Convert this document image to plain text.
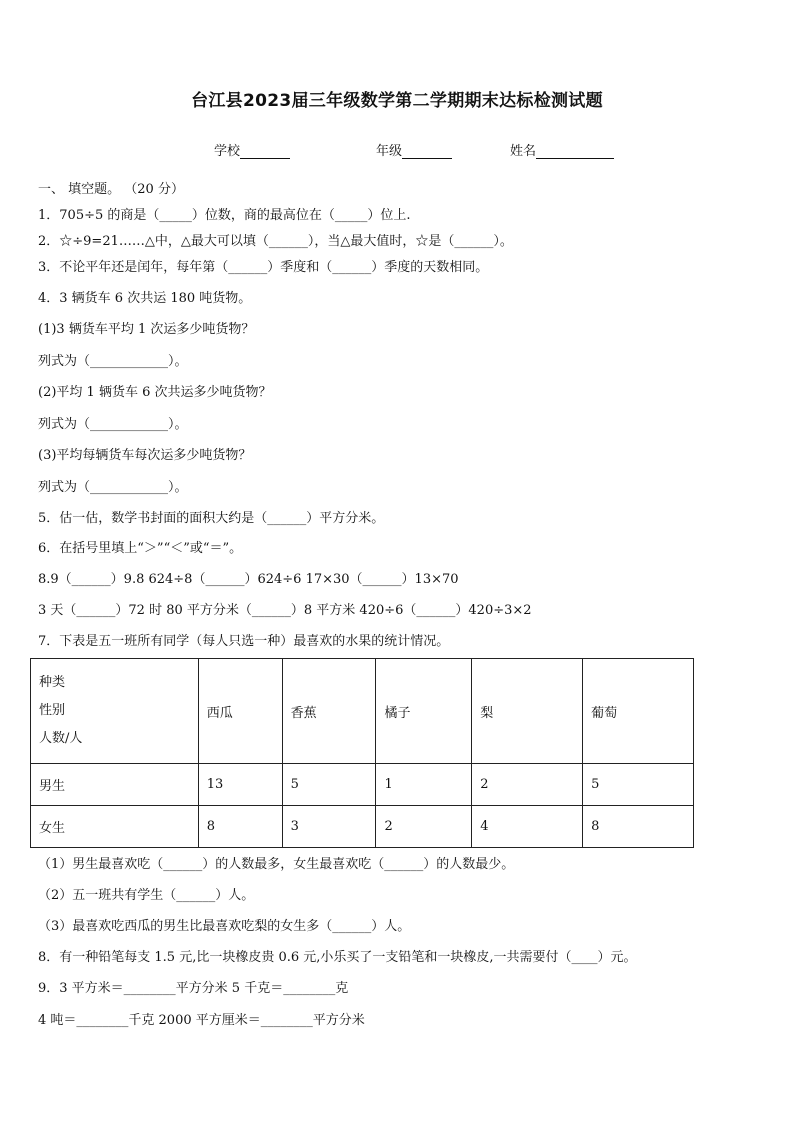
台江县2023届三年级数学第二学期期末达标检测试题
学校	年级	姓名
一、 填空题。 （20 分）
1．705÷5 的商是（_____）位数，商的最高位在（_____）位上.
2．☆÷9=21……△中，△最大可以填（______），当△最大值时，☆是（______）。
3．不论平年还是闰年，每年第（______）季度和（______）季度的天数相同。
4．3 辆货车 6 次共运 180 吨货物。
(1)3 辆货车平均 1 次运多少吨货物？
列式为（____________）。
(2)平均 1 辆货车 6 次共运多少吨货物？
列式为（____________）。
(3)平均每辆货车每次运多少吨货物？
列式为（____________）。
5．估一估，数学书封面的面积大约是（______）平方分米。
6．在括号里填上“＞”“＜”或“＝”。
8.9（______）9.8 624÷8（______）624÷6 17×30（______）13×70
3 天（______）72 时 80 平方分米（______）8 平方米 420÷6（______）420÷3×2
7．下表是五一班所有同学（每人只选一种）最喜欢的水果的统计情况。
种类
性别
人数/人	西瓜	香蕉	橘子	梨	葡萄
男生	13	5	1	2	5
女生	8	3	2	4	8
（1）男生最喜欢吃（______）的人数最多，女生最喜欢吃（______）的人数最少。
（2）五一班共有学生（______）人。
（3）最喜欢吃西瓜的男生比最喜欢吃梨的女生多（______）人。
8．有一种铅笔每支 1.5 元,比一块橡皮贵 0.6 元,小乐买了一支铅笔和一块橡皮,一共需要付（____）元。
9．3 平方米＝________平方分米 5 千克＝________克
4 吨＝________千克 2000 平方厘米＝________平方分米
